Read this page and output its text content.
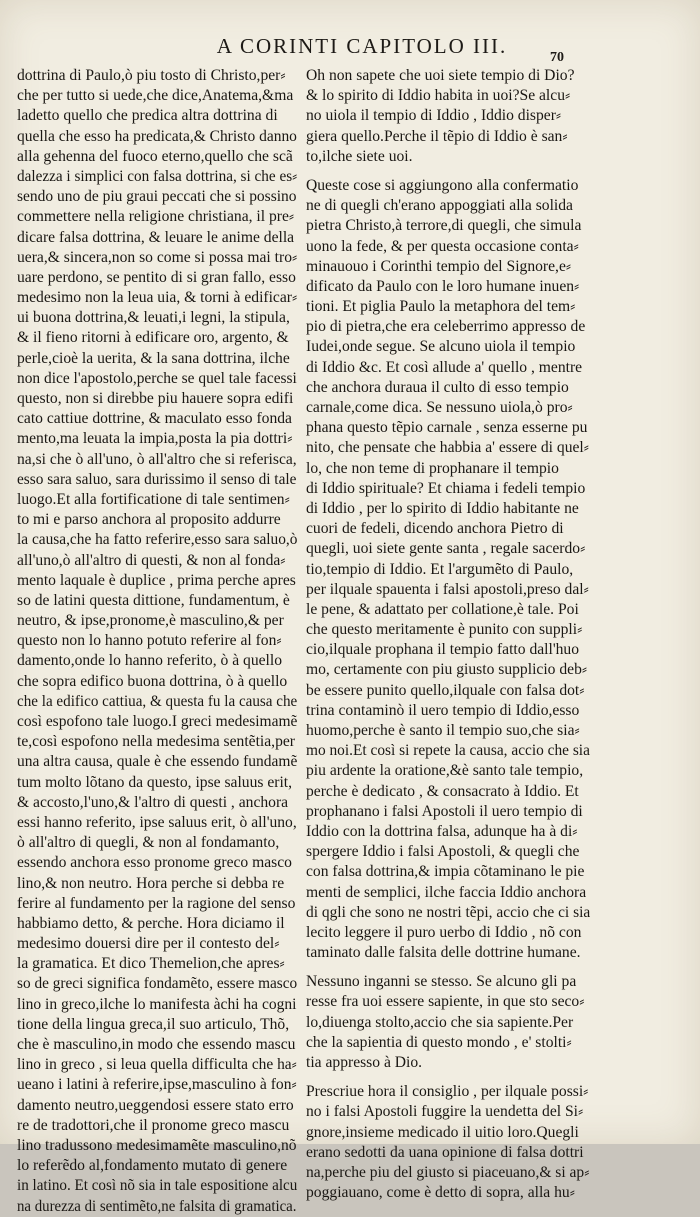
A CORINTI CAPITOLO III.	70
dottrina di Paulo,ò piu tosto di Christo,per⸗
che per tutto si uede,che dice,Anatema,&ma
ladetto quello che predica altra dottrina di
quella che esso ha predicata,& Christo danno
alla gehenna del fuoco eterno,quello che scã
dalezza i simplici con falsa dottrina, si che es⸗
sendo uno de piu graui peccati che si possino
commettere nella religione christiana, il pre⸗
dicare falsa dottrina, & leuare le anime della
uera,& sincera,non so come si possa mai tro⸗
uare perdono, se pentito di si gran fallo, esso
medesimo non la leua uia, & torni à edificar⸗
ui buona dottrina,& leuati,i legni, la stipula,
& il fieno ritorni à edificare oro, argento, &
perle,cioè la uerita, & la sana dottrina, ilche
non dice l'apostolo,perche se quel tale facessi
questo, non si direbbe piu hauere sopra edifi
cato cattiue dottrine, & maculato esso fonda
mento,ma leuata la impia,posta la pia dottri⸗
na,si che ò all'uno, ò all'altro che si referisca,
esso sara saluo, sara durissimo il senso di tale
luogo.Et alla fortificatione di tale sentimen⸗
to mi e parso anchora al proposito addurre
la causa,che ha fatto referire,esso sara saluo,ò
all'uno,ò all'altro di questi, & non al fonda⸗
mento laquale è duplice , prima perche apres
so de latini questa dittione, fundamentum, è
neutro, & ipse,pronome,è masculino,& per
questo non lo hanno potuto referire al fon⸗
damento,onde lo hanno referito, ò à quello
che sopra edifico buona dottrina, ò à quello
che la edifico cattiua, & questa fu la causa che
così espofono tale luogo.I greci medesimamẽ
te,così espofono nella medesima sentẽtia,per
una altra causa, quale è che essendo fundamẽ
tum molto lõtano da questo, ipse saluus erit,
& accosto,l'uno,& l'altro di questi , anchora
essi hanno referito, ipse saluus erit, ò all'uno,
ò all'altro di quegli, & non al fondamanto,
essendo anchora esso pronome greco masco
lino,& non neutro. Hora perche si debba re
ferire al fundamento per la ragione del senso
habbiamo detto, & perche. Hora diciamo il
medesimo douersi dire per il contesto del⸗
la gramatica. Et dico Themelion,che apres⸗
so de greci significa fondamẽto, essere masco
lino in greco,ilche lo manifesta àchi ha cogni
tione della lingua greca,il suo articulo, Thõ,
che è masculino,in modo che essendo mascu
lino in greco , si leua quella difficulta che ha⸗
ueano i latini à referire,ipse,masculino à fon⸗
damento neutro,ueggendosi essere stato erro
re de tradottori,che il pronome greco mascu
lino tradussono medesimamẽte masculino,nõ
lo referẽdo al,fondamento mutato di genere
in latino. Et così nõ sia in tale espositione alcu
na durezza di sentimẽto,ne falsita di gramatica.
Oh non sapete che uoi siete tempio di Dio?
& lo spirito di Iddio habita in uoi?Se alcu⸗
no uiola il tempio di Iddio , Iddio disper⸗
giera quello.Perche il tẽpio di Iddio è san⸗
to,ilche siete uoi.
Queste cose si aggiungono alla confermatio
ne di quegli ch'erano appoggiati alla solida
pietra Christo,à terrore,di quegli, che simula
uono la fede, & per questa occasione conta⸗
minauouo i Corinthi tempio del Signore,e⸗
dificato da Paulo con le loro humane inuen⸗
tioni. Et piglia Paulo la metaphora del tem⸗
pio di pietra,che era celeberrimo appresso de
Iudei,onde segue. Se alcuno uiola il tempio
di Iddio &c. Et così allude a' quello , mentre
che anchora duraua il culto di esso tempio
carnale,come dica. Se nessuno uiola,ò pro⸗
phana questo tẽpio carnale , senza esserne pu
nito, che pensate che habbia a' essere di quel⸗
lo, che non teme di prophanare il tempio
di Iddio spirituale? Et chiama i fedeli tempio
di Iddio , per lo spirito di Iddio habitante ne
cuori de fedeli, dicendo anchora Pietro di
quegli, uoi siete gente santa , regale sacerdo⸗
tio,tempio di Iddio. Et l'argumẽto di Paulo,
per ilquale spauenta i falsi apostoli,preso dal⸗
le pene, & adattato per collatione,è tale. Poi
che questo meritamente è punito con suppli⸗
cio,ilquale prophana il tempio fatto dall'huo
mo, certamente con piu giusto supplicio deb⸗
be essere punito quello,ilquale con falsa dot⸗
trina contaminò il uero tempio di Iddio,esso
huomo,perche è santo il tempio suo,che sia⸗
mo noi.Et così si repete la causa, accio che sia
piu ardente la oratione,&è santo tale tempio,
perche è dedicato , & consacrato à Iddio. Et
prophanano i falsi Apostoli il uero tempio di
Iddio con la dottrina falsa, adunque ha à di⸗
spergere Iddio i falsi Apostoli, & quegli che
con falsa dottrina,& impia cõtaminano le pie
menti de semplici, ilche faccia Iddio anchora
di qgli che sono ne nostri tẽpi, accio che ci sia
lecito leggere il puro uerbo di Iddio , nõ con
taminato dalle falsita delle dottrine humane.
Nessuno inganni se stesso. Se alcuno gli pa
resse fra uoi essere sapiente, in que sto seco⸗
lo,diuenga stolto,accio che sia sapiente.Per
che la sapientia di questo mondo , e' stolti⸗
tia appresso à Dio.
Prescriue hora il consiglio , per ilquale possi⸗
no i falsi Apostoli fuggire la uendetta del Si⸗
gnore,insieme medicado il uitio loro.Quegli
erano sedotti da uana opinione di falsa dottri
na,perche piu del giusto si piaceuano,& si ap⸗
poggiauano, come è detto di sopra, alla hu⸗
